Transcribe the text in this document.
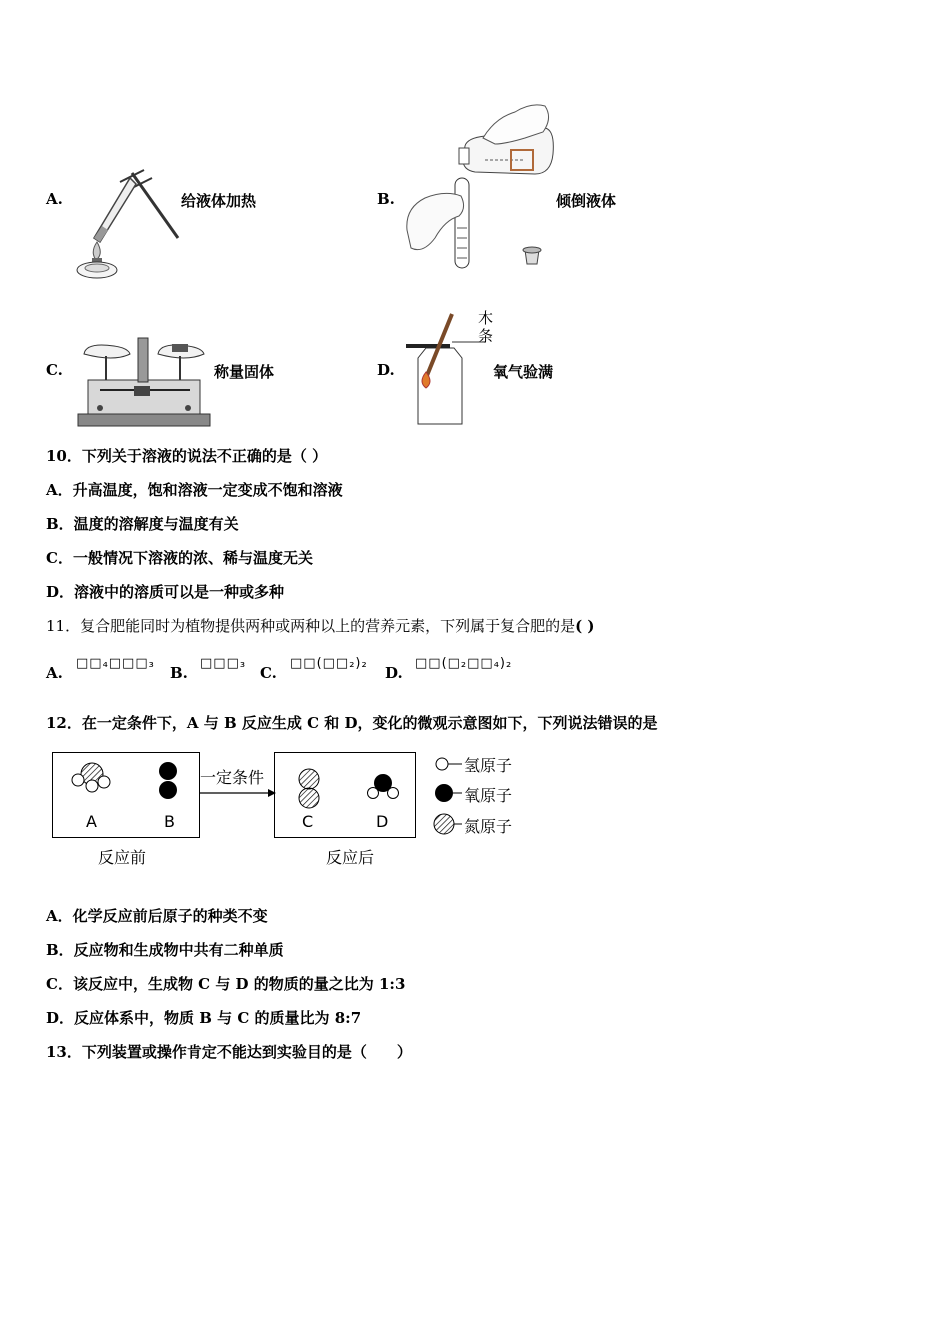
A.	给液体加热	B.	倾倒液体
C.	称量固体	D.
木
条
氧气验满
10．下列关于溶液的说法不正确的是（ ）
A．升高温度，饱和溶液一定变成不饱和溶液
B．温度的溶解度与温度有关
C．一般情况下溶液的浓、稀与温度无关
D．溶液中的溶质可以是一种或多种
11．复合肥能同时为植物提供两种或两种以上的营养元素，下列属于复合肥的是( )
A.
□□₄□□□₃
B.
□□□₃
C.
□□(□□₂)₂
D.
□□(□₂□□₄)₂
12．在一定条件下，A 与 B 反应生成 C 和 D，变化的微观示意图如下，下列说法错误的是
一定条件
A	B	C	D
反应前	反应后
氢原子
氧原子
氮原子
A．化学反应前后原子的种类不变
B．反应物和生成物中共有二种单质
C．该反应中，生成物 C 与 D 的物质的量之比为 1:3
D．反应体系中，物质 B 与 C 的质量比为 8:7
13．下列装置或操作肯定不能达到实验目的是（　　）
